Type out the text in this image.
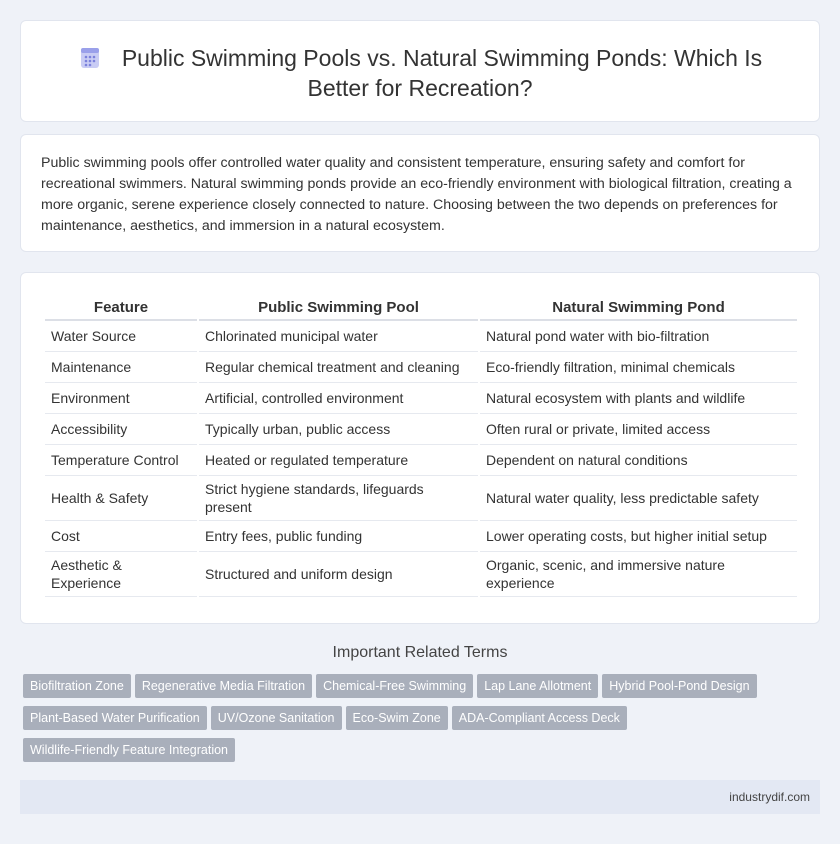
Public Swimming Pools vs. Natural Swimming Ponds: Which Is Better for Recreation?

Public swimming pools offer controlled water quality and consistent temperature, ensuring safety and comfort for recreational swimmers. Natural swimming ponds provide an eco-friendly environment with biological filtration, creating a more organic, serene experience closely connected to nature. Choosing between the two depends on preferences for maintenance, aesthetics, and immersion in a natural ecosystem.

Feature	Public Swimming Pool	Natural Swimming Pond
Water Source	Chlorinated municipal water	Natural pond water with bio-filtration
Maintenance	Regular chemical treatment and cleaning	Eco-friendly filtration, minimal chemicals
Environment	Artificial, controlled environment	Natural ecosystem with plants and wildlife
Accessibility	Typically urban, public access	Often rural or private, limited access
Temperature Control	Heated or regulated temperature	Dependent on natural conditions
Health & Safety	Strict hygiene standards, lifeguards present	Natural water quality, less predictable safety
Cost	Entry fees, public funding	Lower operating costs, but higher initial setup
Aesthetic & Experience	Structured and uniform design	Organic, scenic, and immersive nature experience
Important Related Terms
Biofiltration Zone Regenerative Media Filtration Chemical-Free Swimming Lap Lane Allotment Hybrid Pool-Pond Design
Plant-Based Water Purification UV/Ozone Sanitation Eco-Swim Zone ADA-Compliant Access Deck
Wildlife-Friendly Feature Integration
industrydif.com
